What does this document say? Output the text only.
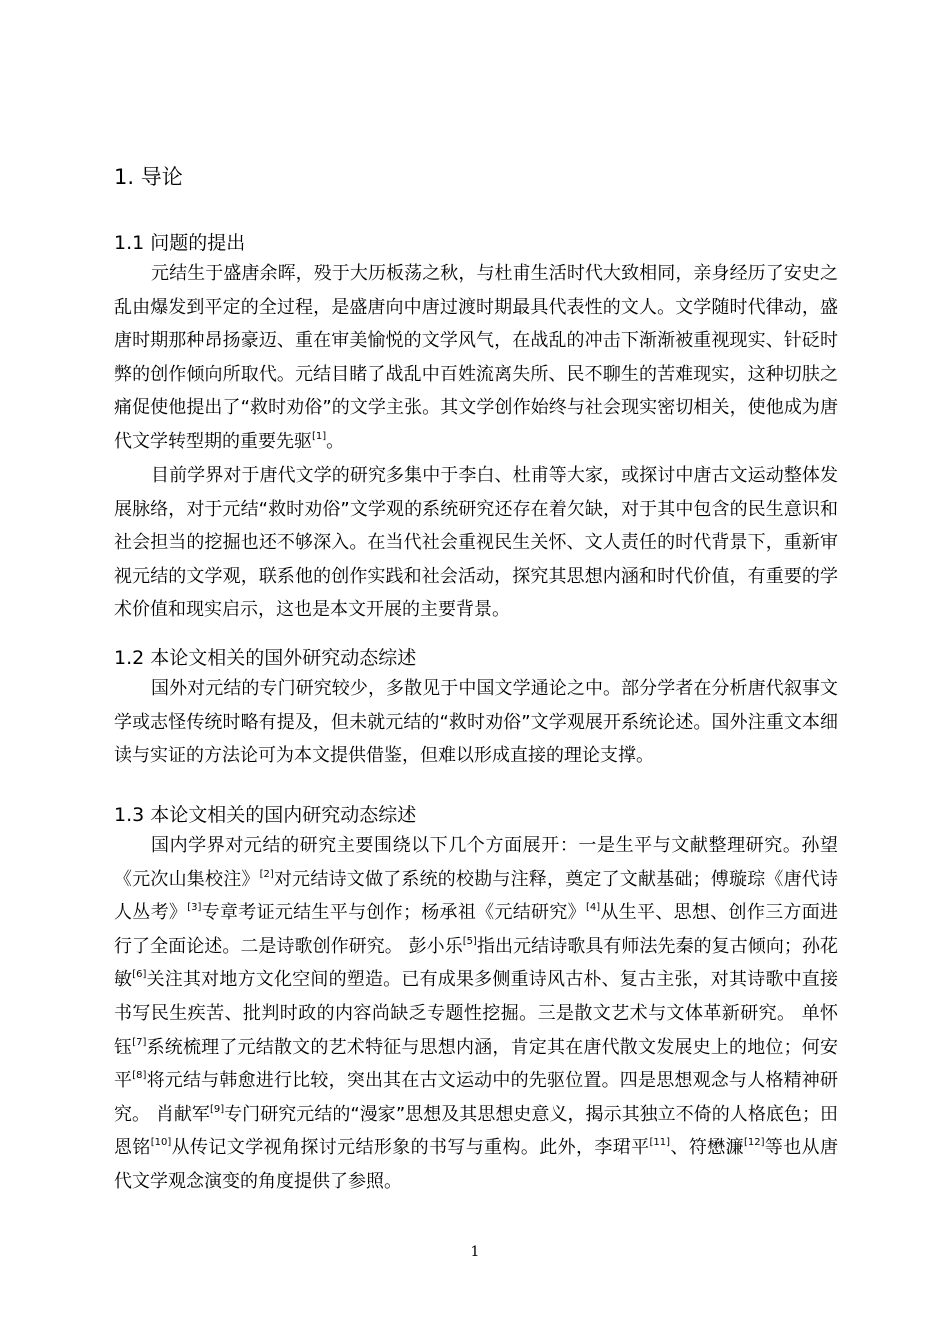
1. 导论
1.1 问题的提出

元结生于盛唐余晖，殁于大历板荡之秋，与杜甫生活时代大致相同，亲身经历了安史之乱由爆发到平定的全过程，是盛唐向中唐过渡时期最具代表性的文人。文学随时代律动，盛唐时期那种昂扬豪迈、重在审美愉悦的文学风气，在战乱的冲击下渐渐被重视现实、针砭时弊的创作倾向所取代。元结目睹了战乱中百姓流离失所、民不聊生的苦难现实，这种切肤之痛促使他提出了“救时劝俗”的文学主张。其文学创作始终与社会现实密切相关，使他成为唐代文学转型期的重要先驱[1]。

目前学界对于唐代文学的研究多集中于李白、杜甫等大家，或探讨中唐古文运动整体发展脉络，对于元结“救时劝俗”文学观的系统研究还存在着欠缺，对于其中包含的民生意识和社会担当的挖掘也还不够深入。在当代社会重视民生关怀、文人责任的时代背景下，重新审视元结的文学观，联系他的创作实践和社会活动，探究其思想内涵和时代价值，有重要的学术价值和现实启示，这也是本文开展的主要背景。

1.2 本论文相关的国外研究动态综述

国外对元结的专门研究较少，多散见于中国文学通论之中。部分学者在分析唐代叙事文学或志怪传统时略有提及，但未就元结的“救时劝俗”文学观展开系统论述。国外注重文本细读与实证的方法论可为本文提供借鉴，但难以形成直接的理论支撑。

1.3 本论文相关的国内研究动态综述

国内学界对元结的研究主要围绕以下几个方面展开：一是生平与文献整理研究。孙望《元次山集校注》[2]对元结诗文做了系统的校勘与注释，奠定了文献基础；傅璇琮《唐代诗人丛考》[3]专章考证元结生平与创作；杨承祖《元结研究》[4]从生平、思想、创作三方面进行了全面论述。二是诗歌创作研究。 彭小乐[5]指出元结诗歌具有师法先秦的复古倾向；孙花敏[6]关注其对地方文化空间的塑造。已有成果多侧重诗风古朴、复古主张，对其诗歌中直接书写民生疾苦、批判时政的内容尚缺乏专题性挖掘。三是散文艺术与文体革新研究。 单怀钰[7]系统梳理了元结散文的艺术特征与思想内涵，肯定其在唐代散文发展史上的地位；何安平[8]将元结与韩愈进行比较，突出其在古文运动中的先驱位置。四是思想观念与人格精神研究。 肖献军[9]专门研究元结的“漫家”思想及其思想史意义，揭示其独立不倚的人格底色；田恩铭[10]从传记文学视角探讨元结形象的书写与重构。此外，李珺平[11]、符懋濂[12]等也从唐代文学观念演变的角度提供了参照。

1
